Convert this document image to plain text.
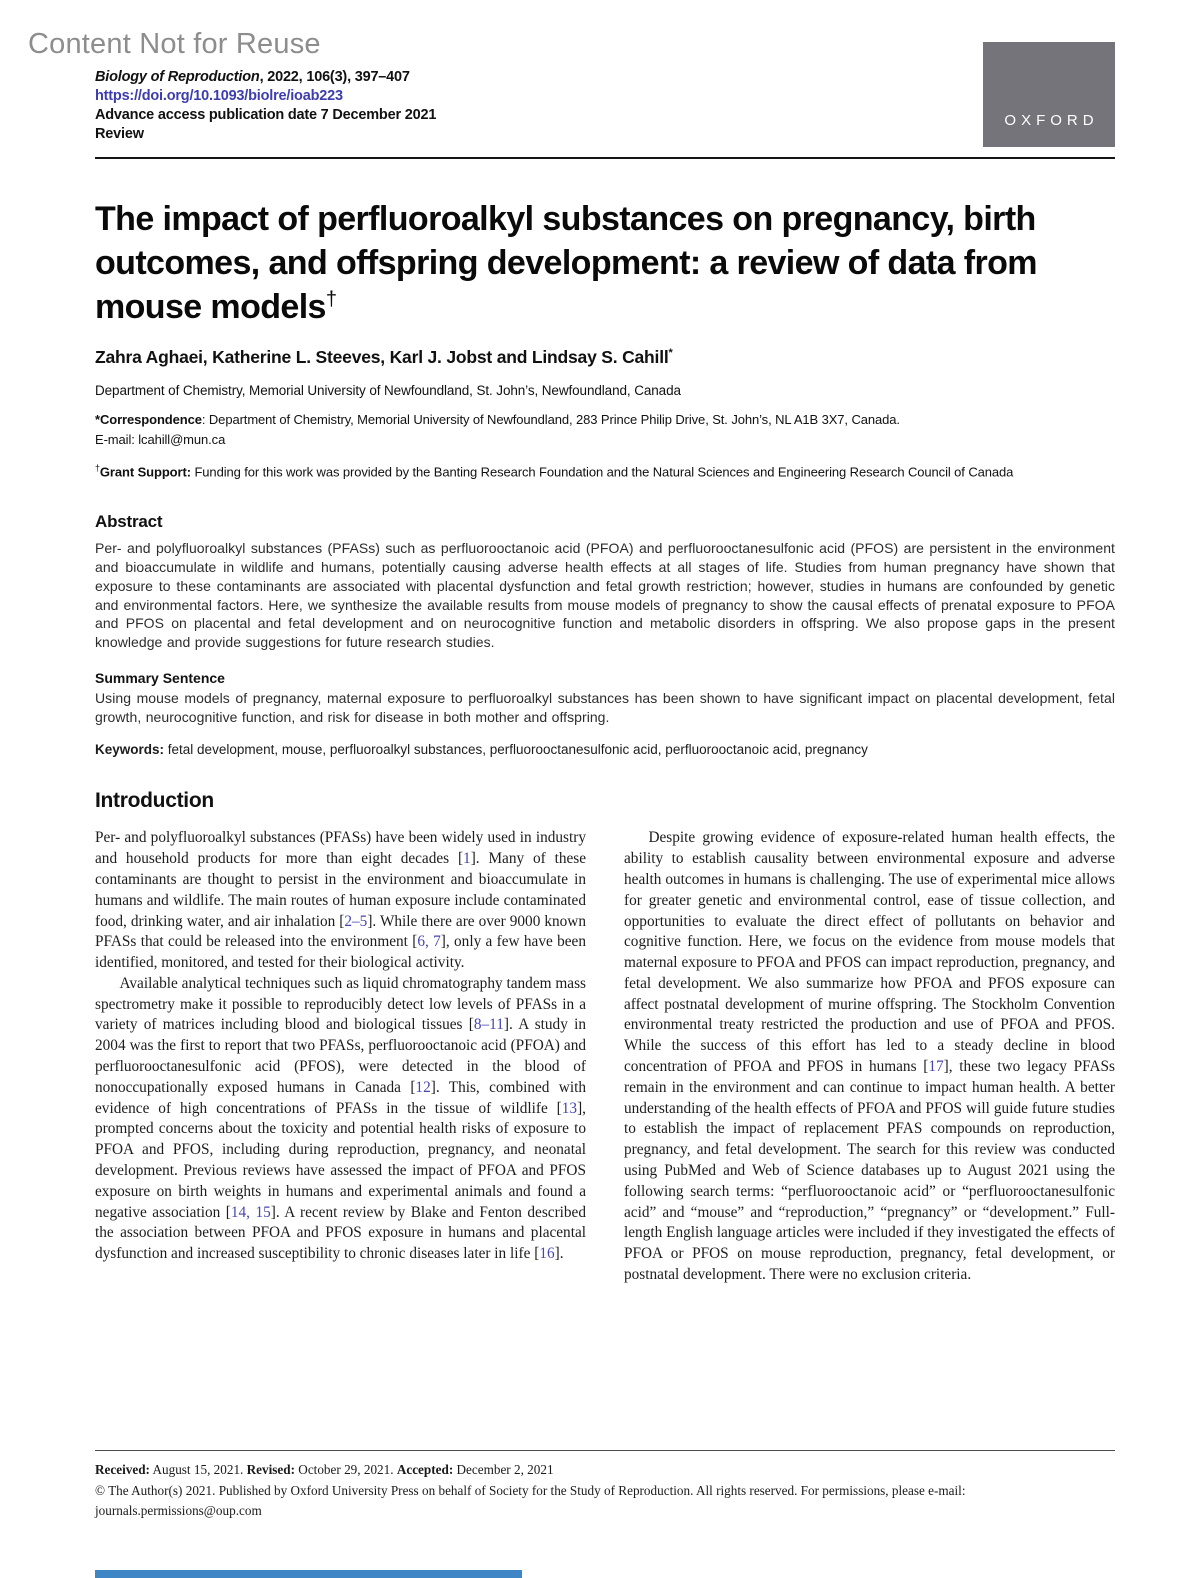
Content Not for Reuse
OXFORD
Biology of Reproduction, 2022, 106(3), 397–407
https://doi.org/10.1093/biolre/ioab223
Advance access publication date 7 December 2021
Review
The impact of perfluoroalkyl substances on pregnancy, birth outcomes, and offspring development: a review of data from mouse models†
Zahra Aghaei, Katherine L. Steeves, Karl J. Jobst and Lindsay S. Cahill*
Department of Chemistry, Memorial University of Newfoundland, St. John’s, Newfoundland, Canada
*Correspondence: Department of Chemistry, Memorial University of Newfoundland, 283 Prince Philip Drive, St. John’s, NL A1B 3X7, Canada.
E-mail: lcahill@mun.ca
†Grant Support: Funding for this work was provided by the Banting Research Foundation and the Natural Sciences and Engineering Research Council of Canada
Abstract
Per- and polyfluoroalkyl substances (PFASs) such as perfluorooctanoic acid (PFOA) and perfluorooctanesulfonic acid (PFOS) are persistent in the environment and bioaccumulate in wildlife and humans, potentially causing adverse health effects at all stages of life. Studies from human pregnancy have shown that exposure to these contaminants are associated with placental dysfunction and fetal growth restriction; however, studies in humans are confounded by genetic and environmental factors. Here, we synthesize the available results from mouse models of pregnancy to show the causal effects of prenatal exposure to PFOA and PFOS on placental and fetal development and on neurocognitive function and metabolic disorders in offspring. We also propose gaps in the present knowledge and provide suggestions for future research studies.
Summary Sentence
Using mouse models of pregnancy, maternal exposure to perfluoroalkyl substances has been shown to have significant impact on placental development, fetal growth, neurocognitive function, and risk for disease in both mother and offspring.
Keywords: fetal development, mouse, perfluoroalkyl substances, perfluorooctanesulfonic acid, perfluorooctanoic acid, pregnancy
Introduction

Per- and polyfluoroalkyl substances (PFASs) have been widely used in industry and household products for more than eight decades [1]. Many of these contaminants are thought to persist in the environment and bioaccumulate in humans and wildlife. The main routes of human exposure include contaminated food, drinking water, and air inhalation [2–5]. While there are over 9000 known PFASs that could be released into the environment [6, 7], only a few have been identified, monitored, and tested for their biological activity.

Available analytical techniques such as liquid chromatography tandem mass spectrometry make it possible to reproducibly detect low levels of PFASs in a variety of matrices including blood and biological tissues [8–11]. A study in 2004 was the first to report that two PFASs, perfluorooctanoic acid (PFOA) and perfluorooctanesulfonic acid (PFOS), were detected in the blood of nonoccupationally exposed humans in Canada [12]. This, combined with evidence of high concentrations of PFASs in the tissue of wildlife [13], prompted concerns about the toxicity and potential health risks of exposure to PFOA and PFOS, including during reproduction, pregnancy, and neonatal development. Previous reviews have assessed the impact of PFOA and PFOS exposure on birth weights in humans and experimental animals and found a negative association [14, 15]. A recent review by Blake and Fenton described the association between PFOA and PFOS exposure in humans and placental dysfunction and increased susceptibility to chronic diseases later in life [16].

Despite growing evidence of exposure-related human health effects, the ability to establish causality between environmental exposure and adverse health outcomes in humans is challenging. The use of experimental mice allows for greater genetic and environmental control, ease of tissue collection, and opportunities to evaluate the direct effect of pollutants on behavior and cognitive function. Here, we focus on the evidence from mouse models that maternal exposure to PFOA and PFOS can impact reproduction, pregnancy, and fetal development. We also summarize how PFOA and PFOS exposure can affect postnatal development of murine offspring. The Stockholm Convention environmental treaty restricted the production and use of PFOA and PFOS. While the success of this effort has led to a steady decline in blood concentration of PFOA and PFOS in humans [17], these two legacy PFASs remain in the environment and can continue to impact human health. A better understanding of the health effects of PFOA and PFOS will guide future studies to establish the impact of replacement PFAS compounds on reproduction, pregnancy, and fetal development. The search for this review was conducted using PubMed and Web of Science databases up to August 2021 using the following search terms: “perfluorooctanoic acid” or “perfluorooctanesulfonic acid” and “mouse” and “reproduction,” “pregnancy” or “development.” Full-length English language articles were included if they investigated the effects of PFOA or PFOS on mouse reproduction, pregnancy, fetal development, or postnatal development. There were no exclusion criteria.

Received: August 15, 2021. Revised: October 29, 2021. Accepted: December 2, 2021
© The Author(s) 2021. Published by Oxford University Press on behalf of Society for the Study of Reproduction. All rights reserved. For permissions, please e-mail: journals.permissions@oup.com
